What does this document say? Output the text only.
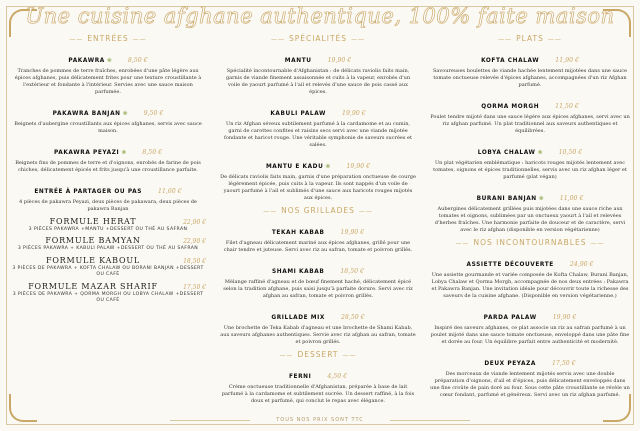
Une cuisine afghane authentique, 100% faite maison
—— ENTRÉES ——
PAKAWRA ❀	8,50 €
Tranches de pommes de terre fraîches, enrobées d'une pâte légère aux épices afghanes, puis délicatement frites pour une texture croustillante à l'extérieur et fondante à l'intérieur. Servies avec une sauce maison parfumée.
PAKAWRA BANJAN ❀	9,50 €
Beignets d'aubergine croustillants aux épices afghanes, servis avec sauce maison.
PAKAWRA PEYAZI ❀	8,50 €
Beignets fins de pommes de terre et d'oignons, enrobés de farine de pois chiches, délicatement épicés et frits jusqu'à une croustillance parfaite.
ENTRÉE À PARTAGER OU PAS	11,60 €
4 pièces de pakawra Peyazi, deux pièces de pakawara, deux pièces de pakawra Banjan
FORMULE HERAT	22,90 €
3 PIÈCES PAKAWRA +MANTU +DESSERT OU THÉ AU SAFRAN
FORMULE BAMYAN	22,90 €
3 PIÈCES PAKAWRA + KABULI PALAW +DESSERT OU THÉ AU SAFRAN
FORMULE KABOUL	18,50 €
3 PIÈCES DE PAKAWRA + KOFTA CHALAW OU BORANI BANJAN +DESSERT OU CAFÉ
FORMULE MAZAR SHARIF	17,50 €
3 PIÈCES DE PAKAWRA + QORMA MORGH OU LOBYA CHALAW +DESSERT OU CAFÉ
—— SPÉCIALITÉS ——
MANTU	19,90 €
Spécialité incontournable d'Afghanistan : de délicats raviolis faits main, garnis de viande finement assaisonnée et cuits à la vapeur, enrobés d'un voile de yaourt parfumé à l'ail et relevés d'une sauce de pois cassé aux épices.
KABULI PALAW	19,90 €
Un riz Afghan séveux subtilement parfumé à la cardamome et au cumin, garni de carottes confites et raisins secs servi avec une viande mijotée fondante et haricot rouge. Une véritable symphonie de saveurs sucrées et salées.
MANTU E KADU ❀	19,90 €
De délicats raviolis faits main, garnis d'une préparation onctueuse de courge légèrement épicée, puis cuits à la vapeur. Ils sont nappés d'un voile de yaourt parfumé à l'ail et sublimés d'une sauce aux haricots rouges mijotés aux épices.
—— NOS GRILLADES ——
TEKAH KABAB	19,90 €
Filet d'agneau délicatement mariné aux épices afghanes, grillé pour une chair tendre et juteuse. Servi avec riz au safran, tomate et poivron grillés.
SHAMI KABAB	18,50 €
Mélange raffiné d'agneau et de bœuf finement haché, délicatement épicé selon la tradition afghane, puis saisi jusqu'à parfaite dorure. Servi avec riz afghan au safran, tomate et poivron grillés.
GRILLADE MIX	28,50 €
Une brochette de Teka Kabab d'agneau et une brochette de Shami Kabab, aux saveurs afghanes authentiques. Servie avec riz afghan au safran, tomate et poivron grillés.
—— DESSERT ——
FERNI	4,50 €
Crème onctueuse traditionnelle d'Afghanistan, préparée à base de lait parfumé à la cardamome et subtilement sucrée. Un dessert raffiné, à la fois doux et parfumé, qui conclut le repas avec élégance.
—— PLATS ——
KOFTA CHALAW	11,90 €
Savoureuses boulettes de viande hachée lentement mijotées dans une sauce tomate onctueuse relevée d'épices afghanes, accompagnées d'un riz Afghan parfumé.
QORMA MORGH	11,50 €
Poulet tendre mijoté dans une sauce légère aux épices afghanes, servi avec un riz afghan parfumé. Un plat traditionnel aux saveurs authentiques et équilibrées.
LOBYA CHALAW ❀	10,50 €
Un plat végétarien emblématique : haricots rouges mijotés lentement avec tomates, oignons et épices traditionnelles, servis avec un riz afghan léger et parfumé (plat végan)
BURANI BANJAN ❀	11,00 €
Aubergines délicatement grillées puis mijotées dans une sauce riche aux tomates et oignons, sublimées par un onctueux yaourt à l'ail et relevées d'herbes fraîches. Une harmonie parfaite de douceur et de caractère, servi avec le riz afghan (disponible en version végétarienne)
—— NOS INCONTOURNABLES ——
ASSIETTE DÉCOUVERTE	24,90 €
Une assiette gourmande et variée composée de Kofta Chalaw, Burani Banjan, Lobya Chalaw et Qorma Morgh, accompagnée de nos deux entrées : Pakawra et Pakawra Banjan. Une invitation idéale pour découvrir toute la richesse des saveurs de la cuisine afghane. (Disponible en version végétarienne.)
PARDA PALAW	19,90 €
Inspiré des saveurs afghanes, ce plat associe un riz au safran parfumé à un poulet mijoté dans une sauce tomate onctueuse, enveloppé dans une pâte fine et dorée au four. Un équilibre parfait entre authenticité et modernité.
DEUX PEYAZA	17,50 €
Des morceaux de viande lentement mijotés servis avec une double préparation d'oignons, d'ail et d'épices, puis délicatement enveloppés dans une fine croûte de pain doré au four. Sous cette pâte croustillante se révèle un cœur fondant, parfumé et généreux. Servi avec un riz afghan parfumé.
TOUS NOS PRIX SONT TTC
